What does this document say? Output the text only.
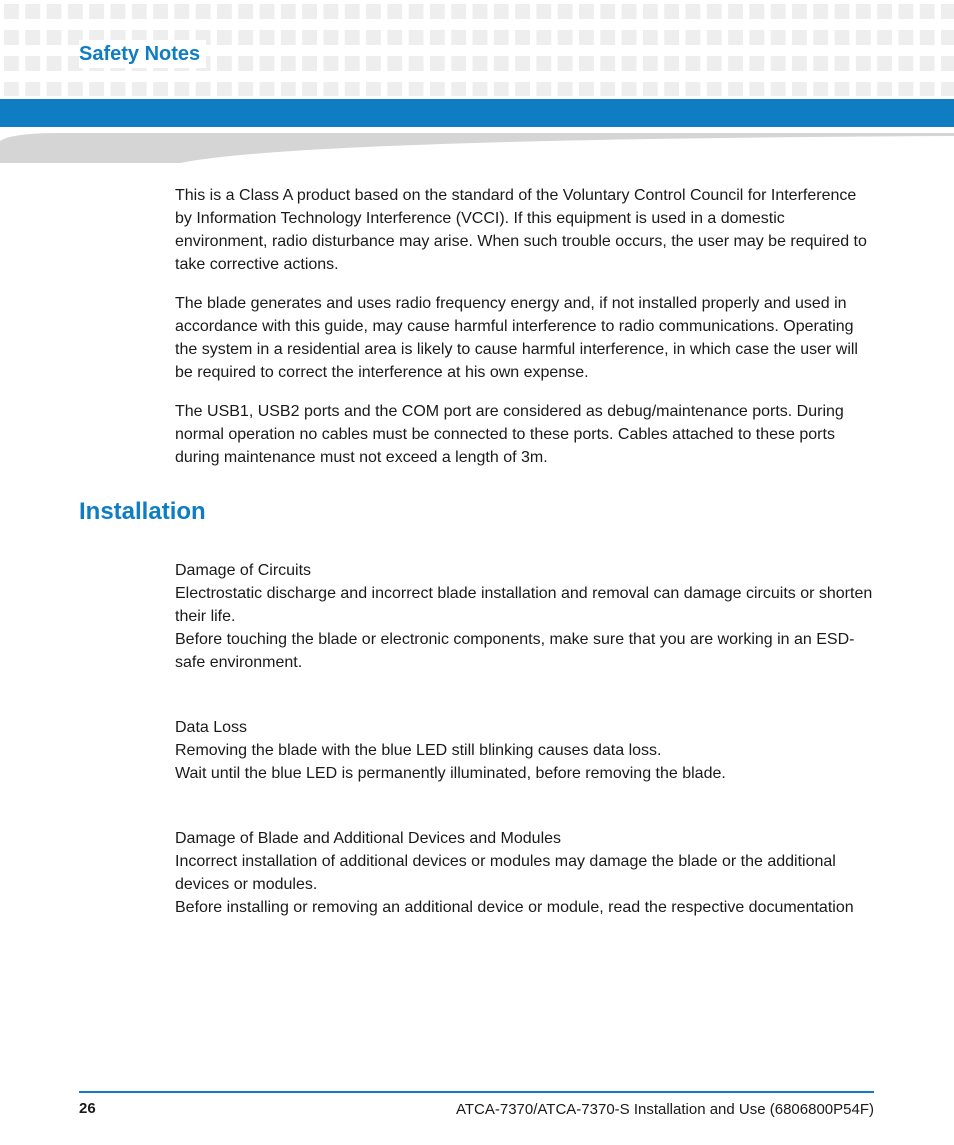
Safety Notes

This is a Class A product based on the standard of the Voluntary Control Council for Interference by Information Technology Interference (VCCI). If this equipment is used in a domestic environment, radio disturbance may arise. When such trouble occurs, the user may be required to take corrective actions.

The blade generates and uses radio frequency energy and, if not installed properly and used in accordance with this guide, may cause harmful interference to radio communications. Operating the system in a residential area is likely to cause harmful interference, in which case the user will be required to correct the interference at his own expense.

The USB1, USB2 ports and the COM port are considered as debug/maintenance ports. During normal operation no cables must be connected to these ports. Cables attached to these ports during maintenance must not exceed a length of 3m.

Installation
Damage of Circuits
Electrostatic discharge and incorrect blade installation and removal can damage circuits or shorten their life.
Before touching the blade or electronic components, make sure that you are working in an ESD-safe environment.
Data Loss
Removing the blade with the blue LED still blinking causes data loss.
Wait until the blue LED is permanently illuminated, before removing the blade.
Damage of Blade and Additional Devices and Modules
Incorrect installation of additional devices or modules may damage the blade or the additional devices or modules.
Before installing or removing an additional device or module, read the respective documentation
26	ATCA-7370/ATCA-7370-S Installation and Use (6806800P54F)
